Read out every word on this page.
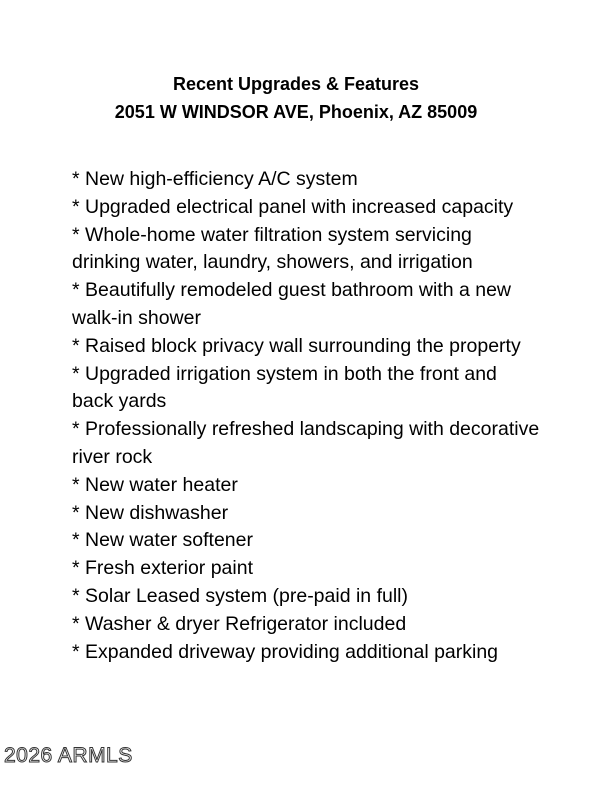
Recent Upgrades & Features
2051 W WINDSOR AVE, Phoenix, AZ 85009
* New high-efficiency A/C system
* Upgraded electrical panel with increased capacity
* Whole-home water filtration system servicing drinking water, laundry, showers, and irrigation
* Beautifully remodeled guest bathroom with a new walk-in shower
* Raised block privacy wall surrounding the property
* Upgraded irrigation system in both the front and back yards
* Professionally refreshed landscaping with decorative river rock
* New water heater
* New dishwasher
* New water softener
* Fresh exterior paint
* Solar Leased system (pre-paid in full)
* Washer & dryer Refrigerator included
* Expanded driveway providing additional parking
2026 ARMLS
